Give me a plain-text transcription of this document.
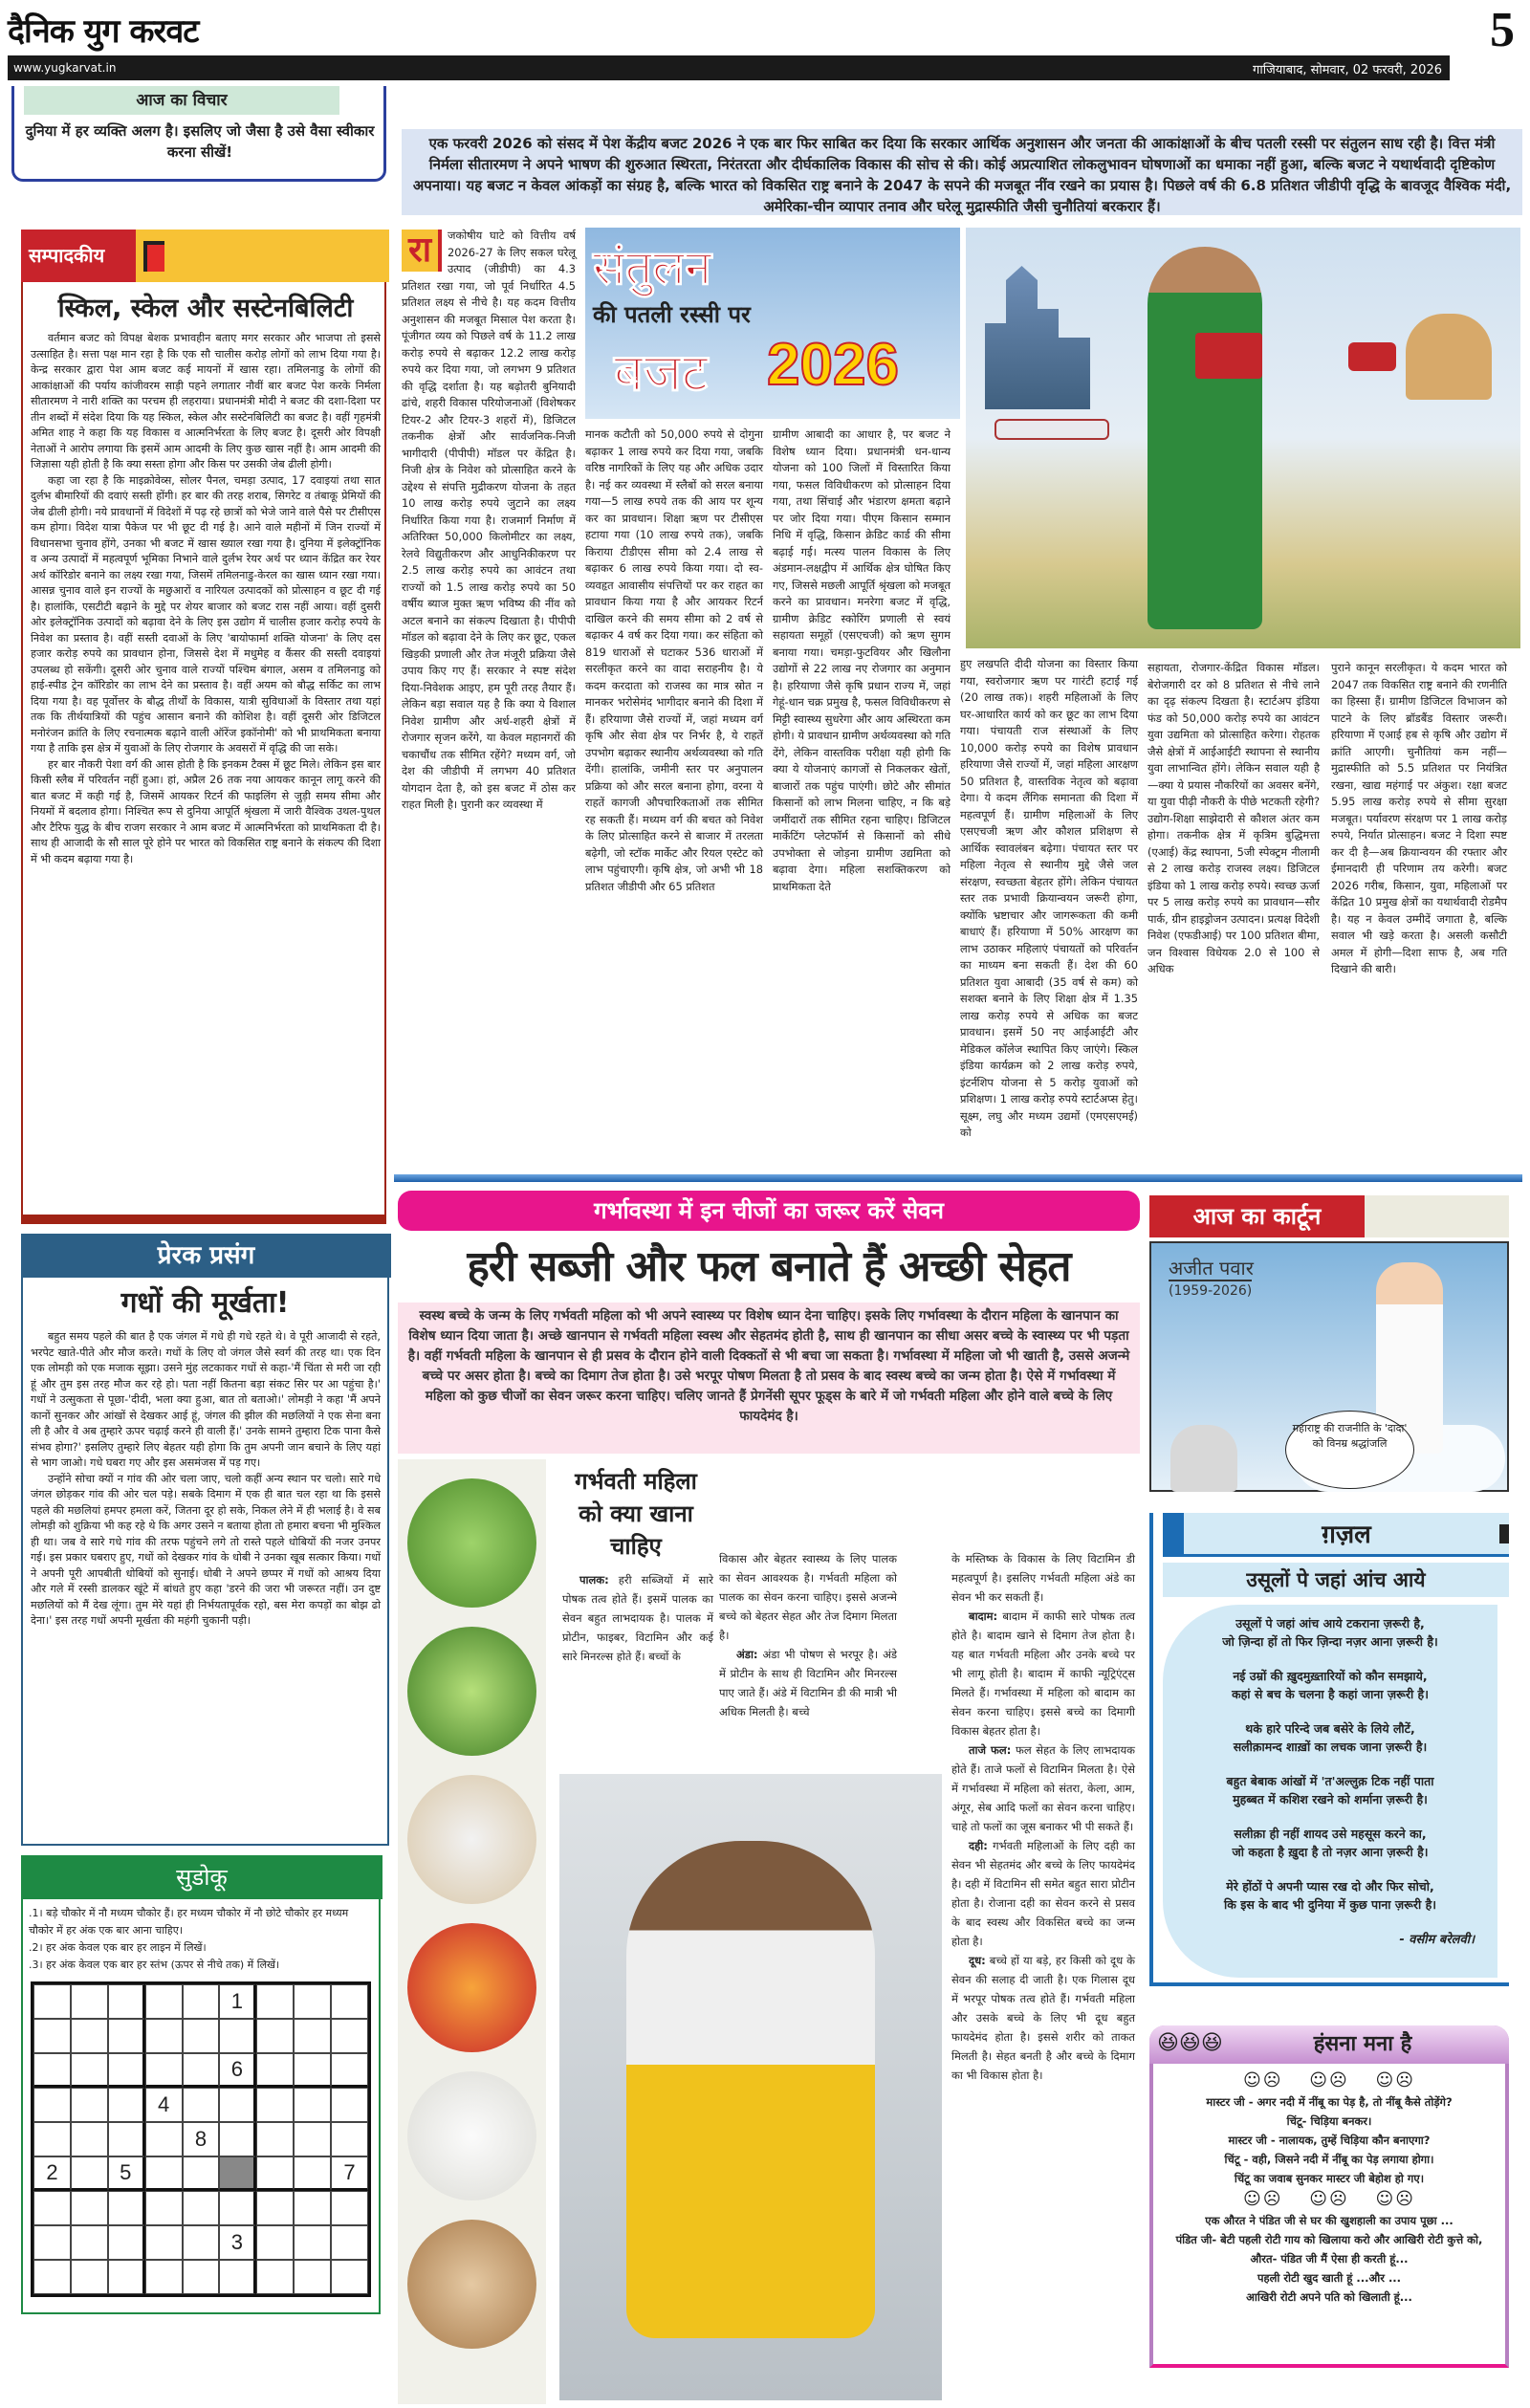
दैनिक युग करवट	5
www.yugkarvat.in	गाजियाबाद, सोमवार, 02 फरवरी, 2026
आज का विचार
दुनिया में हर व्यक्ति अलग है। इसलिए जो जैसा है उसे वैसा स्वीकार करना सीखें!	एक फरवरी 2026 को संसद में पेश केंद्रीय बजट 2026 ने एक बार फिर साबित कर दिया कि सरकार आर्थिक अनुशासन और जनता की आकांक्षाओं के बीच पतली रस्सी पर संतुलन साध रही है। वित्त मंत्री निर्मला सीतारमण ने अपने भाषण की शुरुआत स्थिरता, निरंतरता और दीर्घकालिक विकास की सोच से की। कोई अप्रत्याशित लोकलुभावन घोषणाओं का धमाका नहीं हुआ, बल्कि बजट ने यथार्थवादी दृष्टिकोण अपनाया। यह बजट न केवल आंकड़ों का संग्रह है, बल्कि भारत को विकसित राष्ट्र बनाने के 2047 के सपने की मजबूत नींव रखने का प्रयास है। पिछले वर्ष की 6.8 प्रतिशत जीडीपी वृद्धि के बावजूद वैश्विक मंदी, अमेरिका-चीन व्यापार तनाव और घरेलू मुद्रास्फीति जैसी चुनौतियां बरकरार हैं।
सम्पादकीय
स्किल, स्केल और सस्टेनबिलिटी

वर्तमान बजट को विपक्ष बेशक प्रभावहीन बताए मगर सरकार और भाजपा तो इससे उत्साहित है। सत्ता पक्ष मान रहा है कि एक सौ चालीस करोड़ लोगों को लाभ दिया गया है। केन्द्र सरकार द्वारा पेश आम बजट कई मायनों में खास रहा। तमिलनाडु के लोगों की आकांक्षाओं की पर्याय कांजीवरम साड़ी पहने लगातार नौवीं बार बजट पेश करके निर्मला सीतारमण ने नारी शक्ति का परचम ही लहराया। प्रधानमंत्री मोदी ने बजट की दशा-दिशा पर तीन शब्दों में संदेश दिया कि यह स्किल, स्केल और सस्टेनबिलिटी का बजट है। वहीं गृहमंत्री अमित शाह ने कहा कि यह विकास व आत्मनिर्भरता के लिए बजट है। दूसरी ओर विपक्षी नेताओं ने आरोप लगाया कि इसमें आम आदमी के लिए कुछ खास नहीं है। आम आदमी की जिज्ञासा यही होती है कि क्या सस्ता होगा और किस पर उसकी जेब ढीली होगी।

कहा जा रहा है कि माइक्रोवेव्स, सोलर पैनल, चमड़ा उत्पाद, 17 दवाइयां तथा सात दुर्लभ बीमारियों की दवाएं सस्ती होंगी। हर बार की तरह शराब, सिगरेट व तंबाकू प्रेमियों की जेब ढीली होगी। नये प्रावधानों में विदेशों में पढ़ रहे छात्रों को भेजे जाने वाले पैसे पर टीसीएस कम होगा। विदेश यात्रा पैकेज पर भी छूट दी गई है। आने वाले महीनों में जिन राज्यों में विधानसभा चुनाव होंगे, उनका भी बजट में खास ख्याल रखा गया है। दुनिया में इलेक्ट्रॉनिक व अन्य उत्पादों में महत्वपूर्ण भूमिका निभाने वाले दुर्लभ रेयर अर्थ पर ध्यान केंद्रित कर रेयर अर्थ कॉरिडोर बनाने का लक्ष्य रखा गया, जिसमें तमिलनाडु-केरल का खास ध्यान रखा गया। आसन्न चुनाव वाले इन राज्यों के मछुआरों व नारियल उत्पादकों को प्रोत्साहन व छूट दी गई है। हालांकि, एसटीटी बढ़ाने के मुद्दे पर शेयर बाजार को बजट रास नहीं आया। वहीं दुसरी ओर इलेक्ट्रॉनिक उत्पादों को बढ़ावा देने के लिए इस उद्योग में चालीस हजार करोड़ रुपये के निवेश का प्रस्ताव है। वहीं सस्ती दवाओं के लिए 'बायोफार्मा शक्ति योजना' के लिए दस हजार करोड़ रुपये का प्रावधान होना, जिससे देश में मधुमेह व कैंसर की सस्ती दवाइयां उपलब्ध हो सकेंगी। दूसरी ओर चुनाव वाले राज्यों पश्चिम बंगाल, असम व तमिलनाडु को हाई-स्पीड ट्रेन कॉरिडोर का लाभ देने का प्रस्ताव है। वहीं अयम को बौद्ध सर्किट का लाभ दिया गया है। वह पूर्वोत्तर के बौद्ध तीर्थों के विकास, यात्री सुविधाओं के विस्तार तथा यहां तक कि तीर्थयात्रियों की पहुंच आसान बनाने की कोशिश है। वहीं दूसरी ओर डिजिटल मनोरंजन क्रांति के लिए रचनात्मक बढ़ाने वाली ऑरेंज इकॉनोमी' को भी प्राथमिकता बनाया गया है ताकि इस क्षेत्र में युवाओं के लिए रोजगार के अवसरों में वृद्धि की जा सके।

हर बार नौकरी पेशा वर्ग की आस होती है कि इनकम टैक्स में छूट मिले। लेकिन इस बार किसी स्लैब में परिवर्तन नहीं हुआ। हां, अप्रैल 26 तक नया आयकर कानून लागू करने की बात बजट में कही गई है, जिसमें आयकर रिटर्न की फाइलिंग से जुड़ी समय सीमा और नियमों में बदलाव होगा। निश्चित रूप से दुनिया आपूर्ति श्रृंखला में जारी वैश्विक उथल-पुथल और टैरिफ युद्ध के बीच राजग सरकार ने आम बजट में आत्मनिर्भरता को प्राथमिकता दी है। साथ ही आजादी के सौ साल पूरे होने पर भारत को विकसित राष्ट्र बनाने के संकल्प की दिशा में भी कदम बढ़ाया गया है।

प्रेरक प्रसंग
गधों की मूर्खता!

बहुत समय पहले की बात है एक जंगल में गधे ही गधे रहते थे। वे पूरी आजादी से रहते, भरपेट खाते-पीते और मौज करते। गधों के लिए वो जंगल जैसे स्वर्ग की तरह था। एक दिन एक लोमड़ी को एक मजाक सूझा। उसने मुंह लटकाकर गधों से कहा-'मैं चिंता से मरी जा रही हूं और तुम इस तरह मौज कर रहे हो। पता नहीं कितना बड़ा संकट सिर पर आ पहुंचा है।' गधों ने उत्सुकता से पूछा-'दीदी, भला क्या हुआ, बात तो बताओ।' लोमड़ी ने कहा 'मैं अपने कानों सुनकर और आंखों से देखकर आई हूं, जंगल की झील की मछलियों ने एक सेना बना ली है और वे अब तुम्हारे ऊपर चढ़ाई करने ही वाली हैं।' उनके सामने तुम्हारा टिक पाना कैसे संभव होगा?' इसलिए तुम्हारे लिए बेहतर यही होगा कि तुम अपनी जान बचाने के लिए यहां से भाग जाओ। गधे घबरा गए और इस असमंजस में पड़ गए।

उन्होंने सोचा क्यों न गांव की ओर चला जाए, चलो कहीं अन्य स्थान पर चलो। सारे गधे जंगल छोड़कर गांव की ओर चल पड़े। सबके दिमाग में एक ही बात चल रहा था कि इससे पहले की मछलियां हमपर हमला करें, जितना दूर हो सके, निकल लेने में ही भलाई है। वे सब लोमड़ी को शुक्रिया भी कह रहे थे कि अगर उसने न बताया होता तो हमारा बचना भी मुश्किल ही था। जब वे सारे गधे गांव की तरफ पहुंचने लगे तो रास्ते पहले धोबियों की नजर उनपर गई। इस प्रकार घबराए हुए, गधों को देखकर गांव के धोबी ने उनका खूब सत्कार किया। गधों ने अपनी पूरी आपबीती धोबियों को सुनाई। धोबी ने अपने छप्पर में गधों को आश्रय दिया और गले में रस्सी डालकर खूंटे में बांधते हुए कहा 'डरने की जरा भी जरूरत नहीं। उन दुष्ट मछलियों को मैं देख लूंगा। तुम मेरे यहां ही निर्भयतापूर्वक रहो, बस मेरा कपड़ों का बोझ ढो देना।' इस तरह गधों अपनी मूर्खता की महंगी चुकानी पड़ी।

सुडोकू
.1। बड़े चौकोर में नौ मध्यम चौकोर हैं। हर मध्यम चौकोर में नौ छोटे चौकोर हर मध्यम चौकोर में हर अंक एक बार आना चाहिए।
.2। हर अंक केवल एक बार हर लाइन में लिखें।
.3। हर अंक केवल एक बार हर स्तंभ (ऊपर से नीचे तक) में लिखें।
1
6
4
8
2	5	7
3
रा	जकोषीय घाटे को वित्तीय वर्ष 2026-27 के लिए सकल घरेलू उत्पाद (जीडीपी) का 4.3 प्रतिशत रखा गया, जो पूर्व निर्धारित 4.5 प्रतिशत लक्ष्य से नीचे है। यह कदम वित्तीय अनुशासन की मजबूत मिसाल पेश करता है। पूंजीगत व्यय को पिछले वर्ष के 11.2 लाख करोड़ रुपये से बढ़ाकर 12.2 लाख करोड़ रुपये कर दिया गया, जो लगभग 9 प्रतिशत की वृद्धि दर्शाता है। यह बढ़ोतरी बुनियादी ढांचे, शहरी विकास परियोजनाओं (विशेषकर टियर-2 और टियर-3 शहरों में), डिजिटल तकनीक क्षेत्रों और सार्वजनिक-निजी भागीदारी (पीपीपी) मॉडल पर केंद्रित है। निजी क्षेत्र के निवेश को प्रोत्साहित करने के उद्देश्य से संपत्ति मुद्रीकरण योजना के तहत 10 लाख करोड़ रुपये जुटाने का लक्ष्य निर्धारित किया गया है। राजमार्ग निर्माण में अतिरिक्त 50,000 किलोमीटर का लक्ष्य, रेलवे विद्युतीकरण और आधुनिकीकरण पर 2.5 लाख करोड़ रुपये का आवंटन तथा राज्यों को 1.5 लाख करोड़ रुपये का 50 वर्षीय ब्याज मुक्त ऋण भविष्य की नींव को अटल बनाने का संकल्प दिखाता है। पीपीपी मॉडल को बढ़ावा देने के लिए कर छूट, एकल खिड़की प्रणाली और तेज मंजूरी प्रक्रिया जैसे उपाय किए गए हैं। सरकार ने स्पष्ट संदेश दिया-निवेशक आइए, हम पूरी तरह तैयार हैं। लेकिन बड़ा सवाल यह है कि क्या ये विशाल निवेश ग्रामीण और अर्ध-शहरी क्षेत्रों में रोजगार सृजन करेंगे, या केवल महानगरों की चकाचौंध तक सीमित रहेंगे? मध्यम वर्ग, जो देश की जीडीपी में लगभग 40 प्रतिशत योगदान देता है, को इस बजट में ठोस कर राहत मिली है। पुरानी कर व्यवस्था में
संतुलन
की पतली रस्सी पर
बजट 2026
मानक कटौती को 50,000 रुपये से दोगुना बढ़ाकर 1 लाख रुपये कर दिया गया, जबकि वरिष्ठ नागरिकों के लिए यह और अधिक उदार है। नई कर व्यवस्था में स्लैबों को सरल बनाया गया—5 लाख रुपये तक की आय पर शून्य कर का प्रावधान। शिक्षा ऋण पर टीसीएस हटाया गया (10 लाख रुपये तक), जबकि किराया टीडीएस सीमा को 2.4 लाख से बढ़ाकर 6 लाख रुपये किया गया। दो स्व-व्यवहृत आवासीय संपत्तियों पर कर राहत का प्रावधान किया गया है और आयकर रिटर्न दाखिल करने की समय सीमा को 2 वर्ष से बढ़ाकर 4 वर्ष कर दिया गया। कर संहिता को 819 धाराओं से घटाकर 536 धाराओं में सरलीकृत करने का वादा सराहनीय है। ये कदम करदाता को राजस्व का मात्र स्रोत न मानकर भरोसेमंद भागीदार बनाने की दिशा में हैं। हरियाणा जैसे राज्यों में, जहां मध्यम वर्ग कृषि और सेवा क्षेत्र पर निर्भर है, ये राहतें उपभोग बढ़ाकर स्थानीय अर्थव्यवस्था को गति देंगी। हालांकि, जमीनी स्तर पर अनुपालन प्रक्रिया को और सरल बनाना होगा, वरना ये राहतें कागजी औपचारिकताओं तक सीमित रह सकती हैं। मध्यम वर्ग की बचत को निवेश के लिए प्रोत्साहित करने से बाजार में तरलता बढ़ेगी, जो स्टॉक मार्केट और रियल एस्टेट को लाभ पहुंचाएगी। कृषि क्षेत्र, जो अभी भी 18 प्रतिशत जीडीपी और 65 प्रतिशत
ग्रामीण आबादी का आधार है, पर बजट ने विशेष ध्यान दिया। प्रधानमंत्री धन-धान्य योजना को 100 जिलों में विस्तारित किया गया, फसल विविधीकरण को प्रोत्साहन दिया गया, तथा सिंचाई और भंडारण क्षमता बढ़ाने पर जोर दिया गया। पीएम किसान सम्मान निधि में वृद्धि, किसान क्रेडिट कार्ड की सीमा बढ़ाई गई। मत्स्य पालन विकास के लिए अंडमान-लक्षद्वीप में आर्थिक क्षेत्र घोषित किए गए, जिससे मछली आपूर्ति श्रृंखला को मजबूत करने का प्रावधान। मनरेगा बजट में वृद्धि, ग्रामीण क्रेडिट स्कोरिंग प्रणाली से स्वयं सहायता समूहों (एसएचजी) को ऋण सुगम बनाया गया। चमड़ा-फुटवियर और खिलौना उद्योगों से 22 लाख नए रोजगार का अनुमान है। हरियाणा जैसे कृषि प्रधान राज्य में, जहां गेहूं-धान चक्र प्रमुख है, फसल विविधीकरण से मिट्टी स्वास्थ्य सुधरेगा और आय अस्थिरता कम होगी। ये प्रावधान ग्रामीण अर्थव्यवस्था को गति देंगे, लेकिन वास्तविक परीक्षा यही होगी कि क्या ये योजनाएं कागजों से निकलकर खेतों, बाजारों तक पहुंच पाएंगी। छोटे और सीमांत किसानों को लाभ मिलना चाहिए, न कि बड़े जमींदारों तक सीमित रहना चाहिए। डिजिटल मार्केटिंग प्लेटफॉर्म से किसानों को सीधे उपभोक्ता से जोड़ना ग्रामीण उद्यमिता को बढ़ावा देगा। महिला सशक्तिकरण को प्राथमिकता देते
हुए लखपति दीदी योजना का विस्तार किया गया, स्वरोजगार ऋण पर गारंटी हटाई गई (20 लाख तक)। शहरी महिलाओं के लिए घर-आधारित कार्य को कर छूट का लाभ दिया गया। पंचायती राज संस्थाओं के लिए 10,000 करोड़ रुपये का विशेष प्रावधान हरियाणा जैसे राज्यों में, जहां महिला आरक्षण 50 प्रतिशत है, वास्तविक नेतृत्व को बढ़ावा देगा। ये कदम लैंगिक समानता की दिशा में महत्वपूर्ण हैं। ग्रामीण महिलाओं के लिए एसएचजी ऋण और कौशल प्रशिक्षण से आर्थिक स्वावलंबन बढ़ेगा। पंचायत स्तर पर महिला नेतृत्व से स्थानीय मुद्दे जैसे जल संरक्षण, स्वच्छता बेहतर होंगे। लेकिन पंचायत स्तर तक प्रभावी क्रियान्वयन जरूरी होगा, क्योंकि भ्रष्टाचार और जागरूकता की कमी बाधाएं हैं। हरियाणा में 50% आरक्षण का लाभ उठाकर महिलाएं पंचायतों को परिवर्तन का माध्यम बना सकती हैं। देश की 60 प्रतिशत युवा आबादी (35 वर्ष से कम) को सशक्त बनाने के लिए शिक्षा क्षेत्र में 1.35 लाख करोड़ रुपये से अधिक का बजट प्रावधान। इसमें 50 नए आईआईटी और मेडिकल कॉलेज स्थापित किए जाएंगे। स्किल इंडिया कार्यक्रम को 2 लाख करोड़ रुपये, इंटर्नशिप योजना से 5 करोड़ युवाओं को प्रशिक्षण। 1 लाख करोड़ रुपये स्टार्टअप्स हेतु। सूक्ष्म, लघु और मध्यम उद्यमों (एमएसएमई) को
सहायता, रोजगार-केंद्रित विकास मॉडल। बेरोजगारी दर को 8 प्रतिशत से नीचे लाने का दृढ़ संकल्प दिखता है। स्टार्टअप इंडिया फंड को 50,000 करोड़ रुपये का आवंटन युवा उद्यमिता को प्रोत्साहित करेगा। रोहतक जैसे क्षेत्रों में आईआईटी स्थापना से स्थानीय युवा लाभान्वित होंगे। लेकिन सवाल यही है—क्या ये प्रयास नौकरियों का अवसर बनेंगे, या युवा पीढ़ी नौकरी के पीछे भटकती रहेगी? उद्योग-शिक्षा साझेदारी से कौशल अंतर कम होगा। तकनीक क्षेत्र में कृत्रिम बुद्धिमत्ता (एआई) केंद्र स्थापना, 5जी स्पेक्ट्रम नीलामी से 2 लाख करोड़ राजस्व लक्ष्य। डिजिटल इंडिया को 1 लाख करोड़ रुपये। स्वच्छ ऊर्जा पर 5 लाख करोड़ रुपये का प्रावधान—सौर पार्क, ग्रीन हाइड्रोजन उत्पादन। प्रत्यक्ष विदेशी निवेश (एफडीआई) पर 100 प्रतिशत बीमा, जन विश्वास विधेयक 2.0 से 100 से अधिक
पुराने कानून सरलीकृत। ये कदम भारत को 2047 तक विकसित राष्ट्र बनाने की रणनीति का हिस्सा हैं। ग्रामीण डिजिटल विभाजन को पाटने के लिए ब्रॉडबैंड विस्तार जरूरी। हरियाणा में एआई हब से कृषि और उद्योग में क्रांति आएगी। चुनौतियां कम नहीं—मुद्रास्फीति को 5.5 प्रतिशत पर नियंत्रित रखना, खाद्य महंगाई पर अंकुश। रक्षा बजट 5.95 लाख करोड़ रुपये से सीमा सुरक्षा मजबूत। पर्यावरण संरक्षण पर 1 लाख करोड़ रुपये, निर्यात प्रोत्साहन। बजट ने दिशा स्पष्ट कर दी है—अब क्रियान्वयन की रफ्तार और ईमानदारी ही परिणाम तय करेगी। बजट 2026 गरीब, किसान, युवा, महिलाओं पर केंद्रित 10 प्रमुख क्षेत्रों का यथार्थवादी रोडमैप है। यह न केवल उम्मीदें जगाता है, बल्कि सवाल भी खड़े करता है। असली कसौटी अमल में होगी—दिशा साफ है, अब गति दिखाने की बारी।
गर्भावस्था में इन चीजों का जरूर करें सेवन
हरी सब्जी और फल बनाते हैं अच्छी सेहत
स्वस्थ बच्चे के जन्म के लिए गर्भवती महिला को भी अपने स्वास्थ्य पर विशेष ध्यान देना चाहिए। इसके लिए गर्भावस्था के दौरान महिला के खानपान का विशेष ध्यान दिया जाता है। अच्छे खानपान से गर्भवती महिला स्वस्थ और सेहतमंद होती है, साथ ही खानपान का सीधा असर बच्चे के स्वास्थ्य पर भी पड़ता है। वहीं गर्भवती महिला के खानपान से ही प्रसव के दौरान होने वाली दिक्कतों से भी बचा जा सकता है। गर्भावस्था में महिला जो भी खाती है, उससे अजन्मे बच्चे पर असर होता है। बच्चे का दिमाग तेज होता है। उसे भरपूर पोषण मिलता है तो प्रसव के बाद स्वस्थ बच्चे का जन्म होता है। ऐसे में गर्भावस्था में महिला को कुछ चीजों का सेवन जरूर करना चाहिए। चलिए जानते हैं प्रेगनेंसी सूपर फूड्स के बारे में जो गर्भवती महिला और होने वाले बच्चे के लिए फायदेमंद है।
गर्भवती महिला को क्या खाना चाहिए

पालक: हरी सब्जियों में सारे पोषक तत्व होते हैं। इसमें पालक का सेवन बहुत लाभदायक है। पालक में प्रोटीन, फाइबर, विटामिन और कई सारे मिनरल्स होते हैं। बच्चों के

विकास और बेहतर स्वास्थ्य के लिए पालक का सेवन आवश्यक है। गर्भवती महिला को पालक का सेवन करना चाहिए। इससे अजन्मे बच्चे को बेहतर सेहत और तेज दिमाग मिलता है।

अंडा: अंडा भी पोषण से भरपूर है। अंडे में प्रोटीन के साथ ही विटामिन और मिनरल्स पाए जाते हैं। अंडे में विटामिन डी की मात्री भी अधिक मिलती है। बच्चे

के मस्तिष्क के विकास के लिए विटामिन डी महत्वपूर्ण है। इसलिए गर्भवती महिला अंडे का सेवन भी कर सकती हैं।

बादाम: बादाम में काफी सारे पोषक तत्व होते है। बादाम खाने से दिमाग तेज होता है। यह बात गर्भवती महिला और उनके बच्चे पर भी लागू होती है। बादाम में काफी न्यूट्रिएंट्स मिलते हैं। गर्भावस्था में महिला को बादाम का सेवन करना चाहिए। इससे बच्चे का दिमागी विकास बेहतर होता है।

ताजे फल: फल सेहत के लिए लाभदायक होते हैं। ताजे फलों से विटामिन मिलता है। ऐसे में गर्भावस्था में महिला को संतरा, केला, आम, अंगूर, सेब आदि फलों का सेवन करना चाहिए। चाहे तो फलों का जूस बनाकर भी पी सकते हैं।

दही: गर्भवती महिलाओं के लिए दही का सेवन भी सेहतमंद और बच्चे के लिए फायदेमंद है। दही में विटामिन सी समेत बहुत सारा प्रोटीन होता है। रोजाना दही का सेवन करने से प्रसव के बाद स्वस्थ और विकसित बच्चे का जन्म होता है।

दूध: बच्चे हों या बड़े, हर किसी को दूध के सेवन की सलाह दी जाती है। एक गिलास दूध में भरपूर पोषक तत्व होते हैं। गर्भवती महिला और उसके बच्चे के लिए भी दूध बहुत फायदेमंद होता है। इससे शरीर को ताकत मिलती है। सेहत बनती है और बच्चे के दिमाग का भी विकास होता है।

आज का कार्टून
अजीत पवार
(1959-2026)
महाराष्ट्र की राजनीति के 'दादा' को विनम्र श्रद्धांजलि
ग़ज़ल
उसूलों पे जहां आंच आये
उसूलों पे जहां आंच आये टकराना ज़रूरी है,
जो ज़िन्दा हों तो फिर ज़िन्दा नज़र आना ज़रूरी है।
नई उम्रों की ख़ुदमुख़्तारियों को कौन समझाये,
कहां से बच के चलना है कहां जाना ज़रूरी है।
थके हारे परिन्दे जब बसेरे के लिये लौटें,
सलीक़ामन्द शाख़ों का लचक जाना ज़रूरी है।
बहुत बेबाक आंखों में 'त'अल्लुक़ टिक नहीं पाता
मुहब्बत में कशिश रखने को शर्माना ज़रूरी है।
सलीक़ा ही नहीं शायद उसे महसूस करने का,
जो कहता है ख़ुदा है तो नज़र आना ज़रूरी है।
मेरे होंठों पे अपनी प्यास रख दो और फिर सोचो,
कि इस के बाद भी दुनिया में कुछ पाना ज़रूरी है।
- वसीम बरेलवी।
हंसना मना है
😆😆😆
☺☹ ☺☹ ☺☹
मास्टर जी - अगर नदी में नींबू का पेड़ है, तो नींबू कैसे तोड़ेंगे?
चिंटू- चिड़िया बनकर।
मास्टर जी - नालायक, तुम्हें चिड़िया कौन बनाएगा?
चिंटू - वही, जिसने नदी में नींबू का पेड़ लगाया होगा।
चिंटू का जवाब सुनकर मास्टर जी बेहोश हो गए।
☺☹ ☺☹ ☺☹
एक औरत ने पंडित जी से घर की खुशहाली का उपाय पूछा ...
पंडित जी- बेटी पहली रोटी गाय को खिलाया करो और आखिरी रोटी कुत्ते को,
औरत- पंडित जी मैं ऐसा ही करती हूं...
पहली रोटी खुद खाती हूं ...और ...
आखिरी रोटी अपने पति को खिलाती हूं...
